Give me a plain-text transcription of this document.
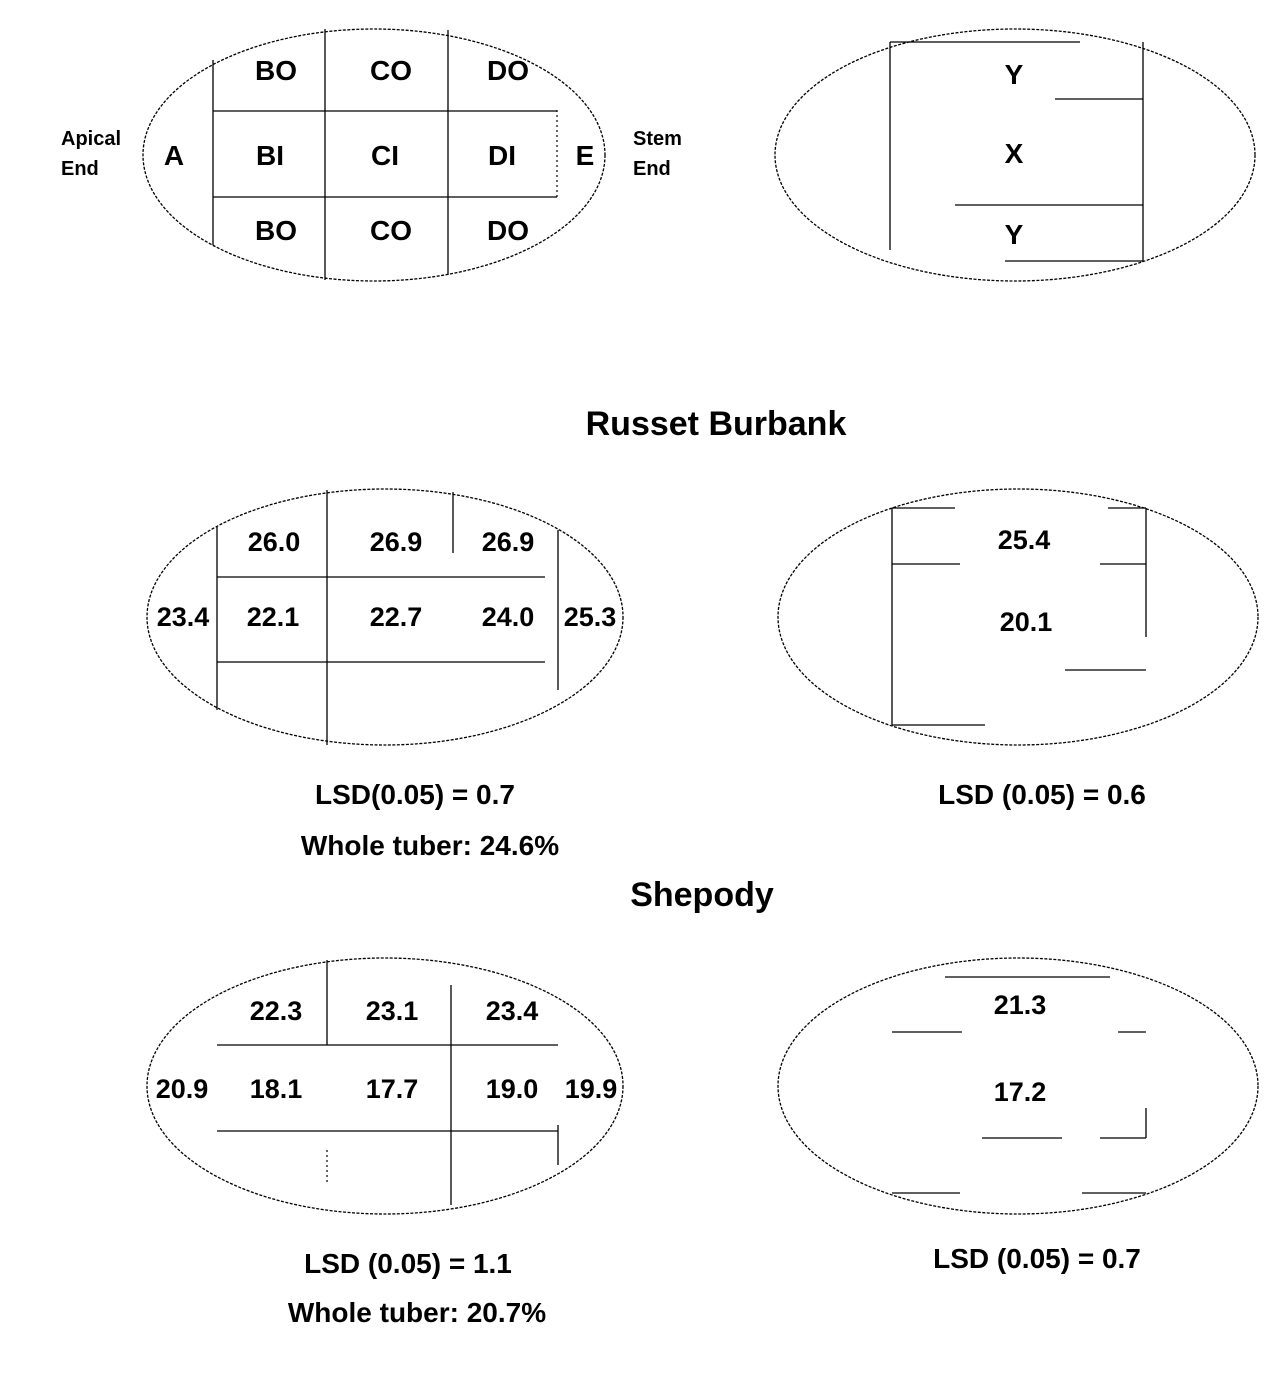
Apical
End
Stem
End
A
BO	CO	DO
BI	CI	DI E
BO	CO	DO
Y
X
Y
Russet Burbank
23.4
26.0	26.9 26.9
22.1	22.7 24.0 25.3
25.4
20.1
LSD(0.05) = 0.7
Whole tuber: 24.6%
LSD (0.05) = 0.6
Shepody
20.9
22.3 23.1 23.4
18.1 17.7 19.0 19.9
21.3
17.2
LSD (0.05) = 1.1
Whole tuber: 20.7%
LSD (0.05) = 0.7
